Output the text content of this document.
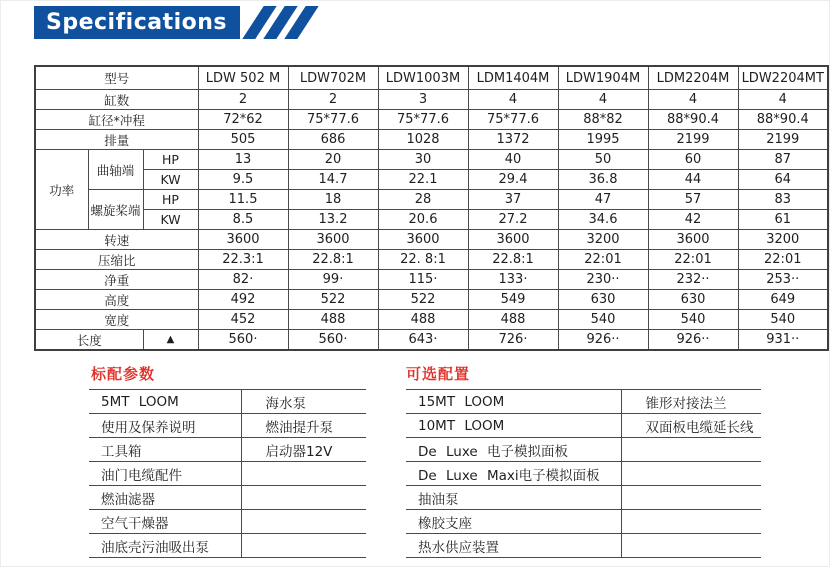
Specifications
型号			LDW 502 M	LDW702M	LDW1003M	LDM1404M	LDW1904M	LDM2204M	LDW2204MT
缸数			2	2	3	4	4	4	4
缸径*冲程			72*62	75*77.6	75*77.6	75*77.6	88*82	88*90.4	88*90.4
排量			505	686	1028	1372	1995	2199	2199
功率	曲轴端	HP	13	20	30	40	50	60	87
		KW	9.5	14.7	22.1	29.4	36.8	44	64
	螺旋桨端	HP	11.5	18	28	37	47	57	83
		KW	8.5	13.2	20.6	27.2	34.6	42	61
转速			3600	3600	3600	3600	3200	3600	3200
压缩比			22.3:1	22.8:1	22. 8:1	22.8:1	22:01	22:01	22:01
净重			82·	99·	115·	133·	230··	232··	253··
高度			492	522	522	549	630	630	649
宽度			452	488	488	488	540	540	540
长度		▲	560·	560·	643·	726·	926··	926··	931··
标配参数
5MT LOOM	海水泵
使用及保养说明	燃油提升泵
工具箱	启动器12V
油门电缆配件	
燃油滤器	
空气干燥器	
油底壳污油吸出泵	
可选配置
15MT LOOM	锥形对接法兰
10MT LOOM	双面板电缆延长线
De Luxe 电子模拟面板	
De Luxe Maxi电子模拟面板	
抽油泵	
橡胶支座	
热水供应装置	
